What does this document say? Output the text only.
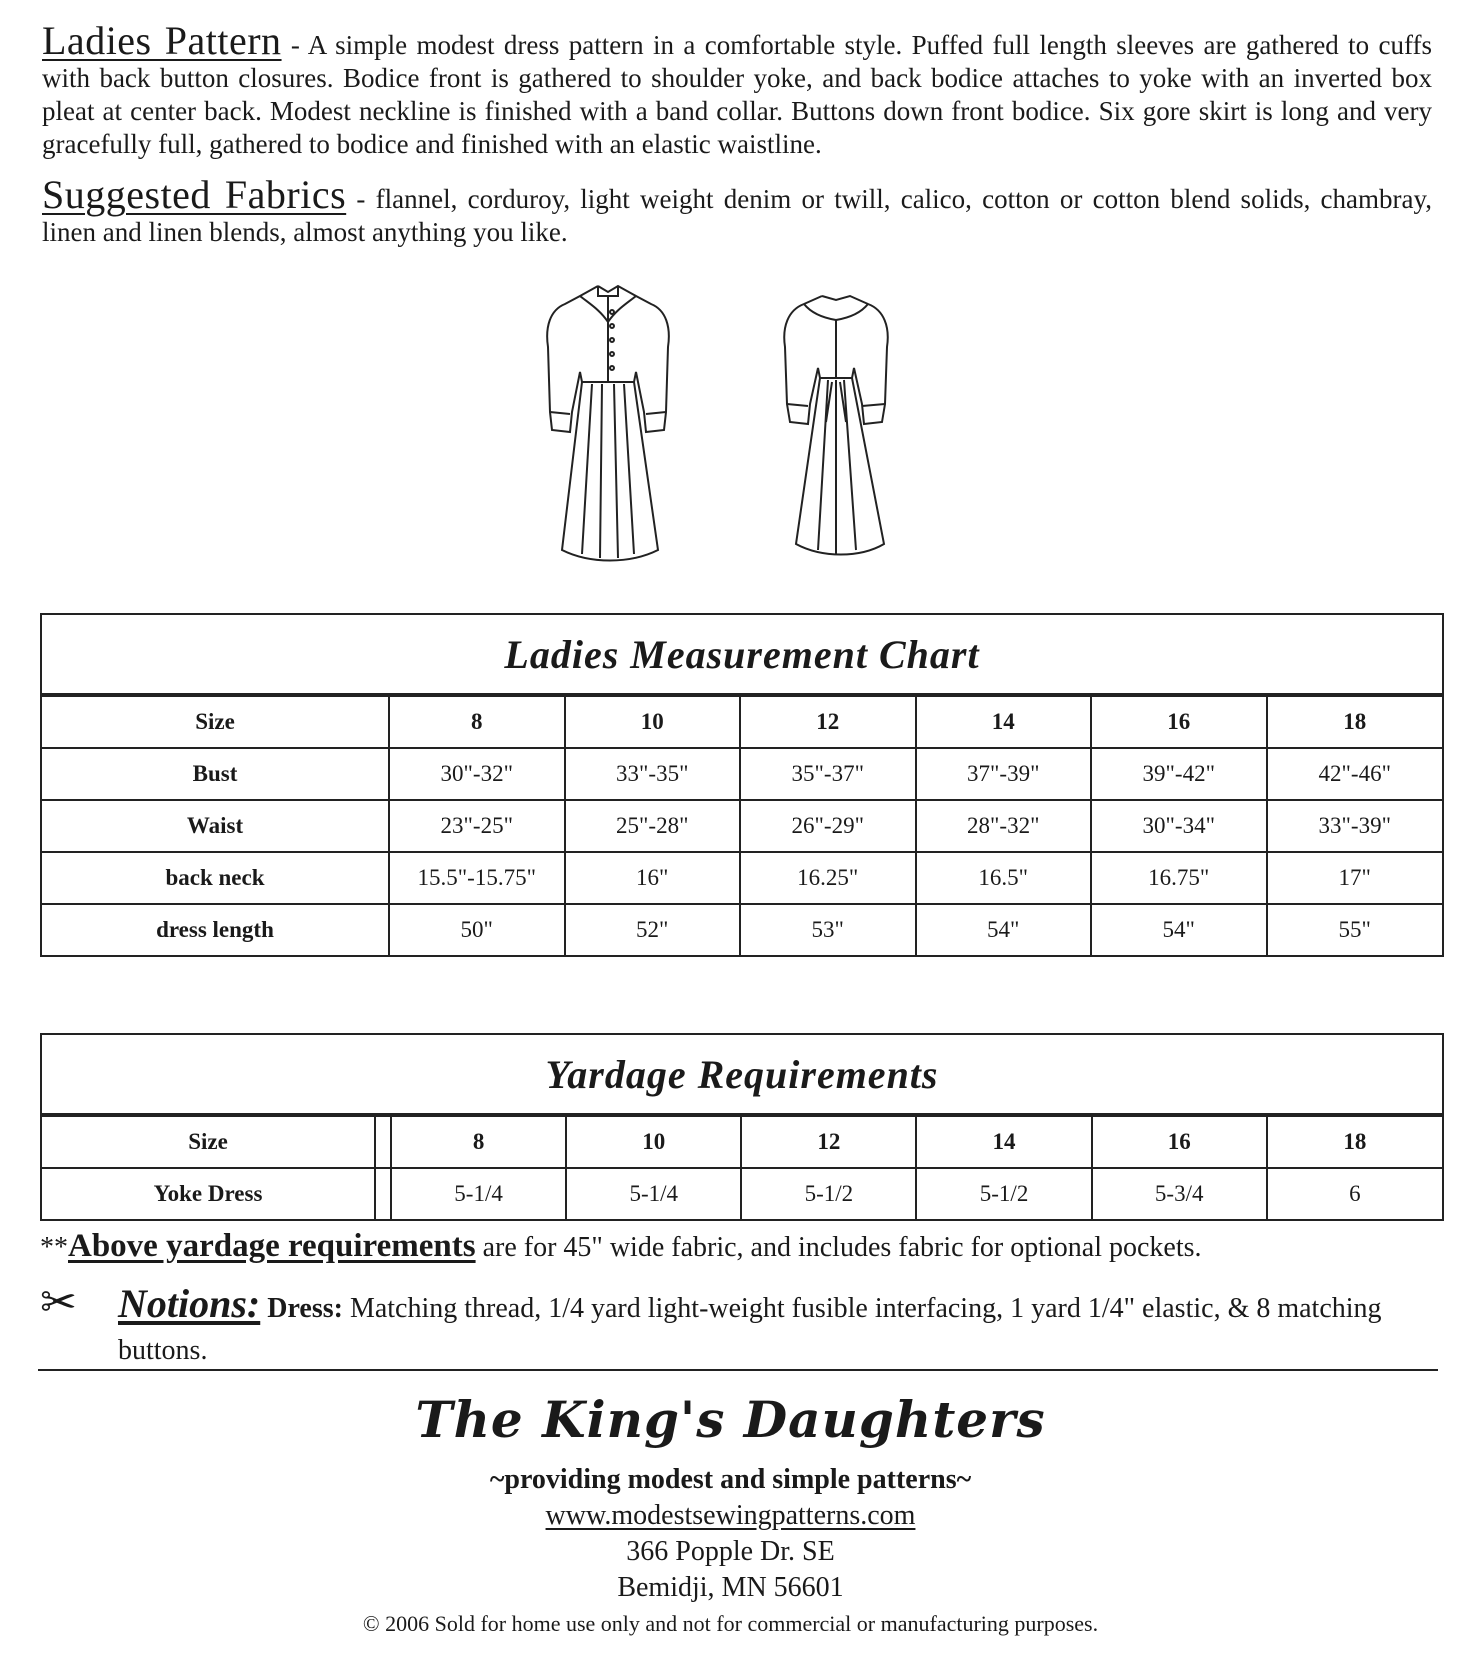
Ladies Pattern - A simple modest dress pattern in a comfortable style. Puffed full length sleeves are gathered to cuffs with back button closures. Bodice front is gathered to shoulder yoke, and back bodice attaches to yoke with an inverted box pleat at center back. Modest neckline is finished with a band collar. Buttons down front bodice. Six gore skirt is long and very gracefully full, gathered to bodice and finished with an elastic waistline.
Suggested Fabrics - flannel, corduroy, light weight denim or twill, calico, cotton or cotton blend solids, chambray, linen and linen blends, almost anything you like.
Ladies Measurement Chart
Size	8	10	12	14	16	18
Bust	30"-32"	33"-35"	35"-37"	37"-39"	39"-42"	42"-46"
Waist	23"-25"	25"-28"	26"-29"	28"-32"	30"-34"	33"-39"
back neck	15.5"-15.75"	16"	16.25"	16.5"	16.75"	17"
dress length	50"	52"	53"	54"	54"	55"
Yardage Requirements
Size		8	10	12	14	16	18
Yoke Dress		5-1/4	5-1/4	5-1/2	5-1/2	5-3/4	6
**Above yardage requirements are for 45" wide fabric, and includes fabric for optional pockets.
✂ Notions: Dress: Matching thread, 1/4 yard light-weight fusible interfacing, 1 yard 1/4" elastic, & 8 matching buttons.
The King's Daughters
~providing modest and simple patterns~
www.modestsewingpatterns.com
366 Popple Dr. SE
Bemidji, MN 56601
© 2006 Sold for home use only and not for commercial or manufacturing purposes.
